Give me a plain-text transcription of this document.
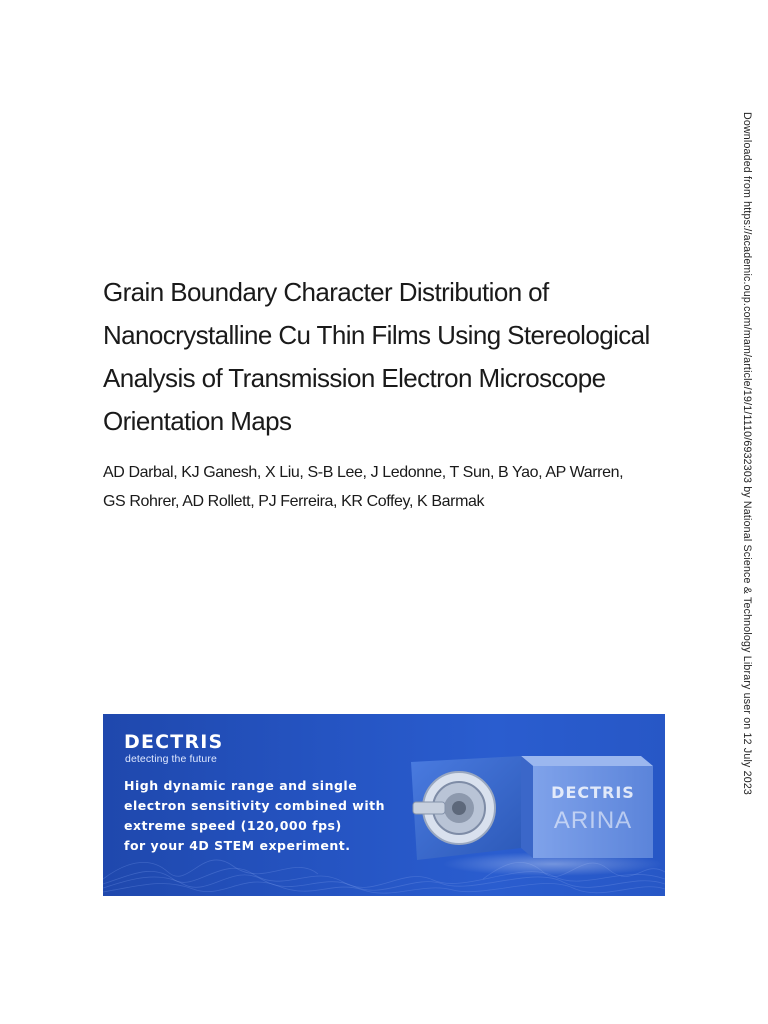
Grain Boundary Character Distribution of
Nanocrystalline Cu Thin Films Using Stereological
Analysis of Transmission Electron Microscope
Orientation Maps

AD Darbal, KJ Ganesh, X Liu, S-B Lee, J Ledonne, T Sun, B Yao, AP Warren,
GS Rohrer, AD Rollett, PJ Ferreira, KR Coffey, K Barmak	Downloaded from https://academic.oup.com/mam/article/19/1/1110/6932303 by National Science & Technology Library user on 12 July 2023
DECTRIS
detecting the future

High dynamic range and single
electron sensitivity combined with
extreme speed (120,000 fps)
for your 4D STEM experiment.

DECTRIS
ARINA
